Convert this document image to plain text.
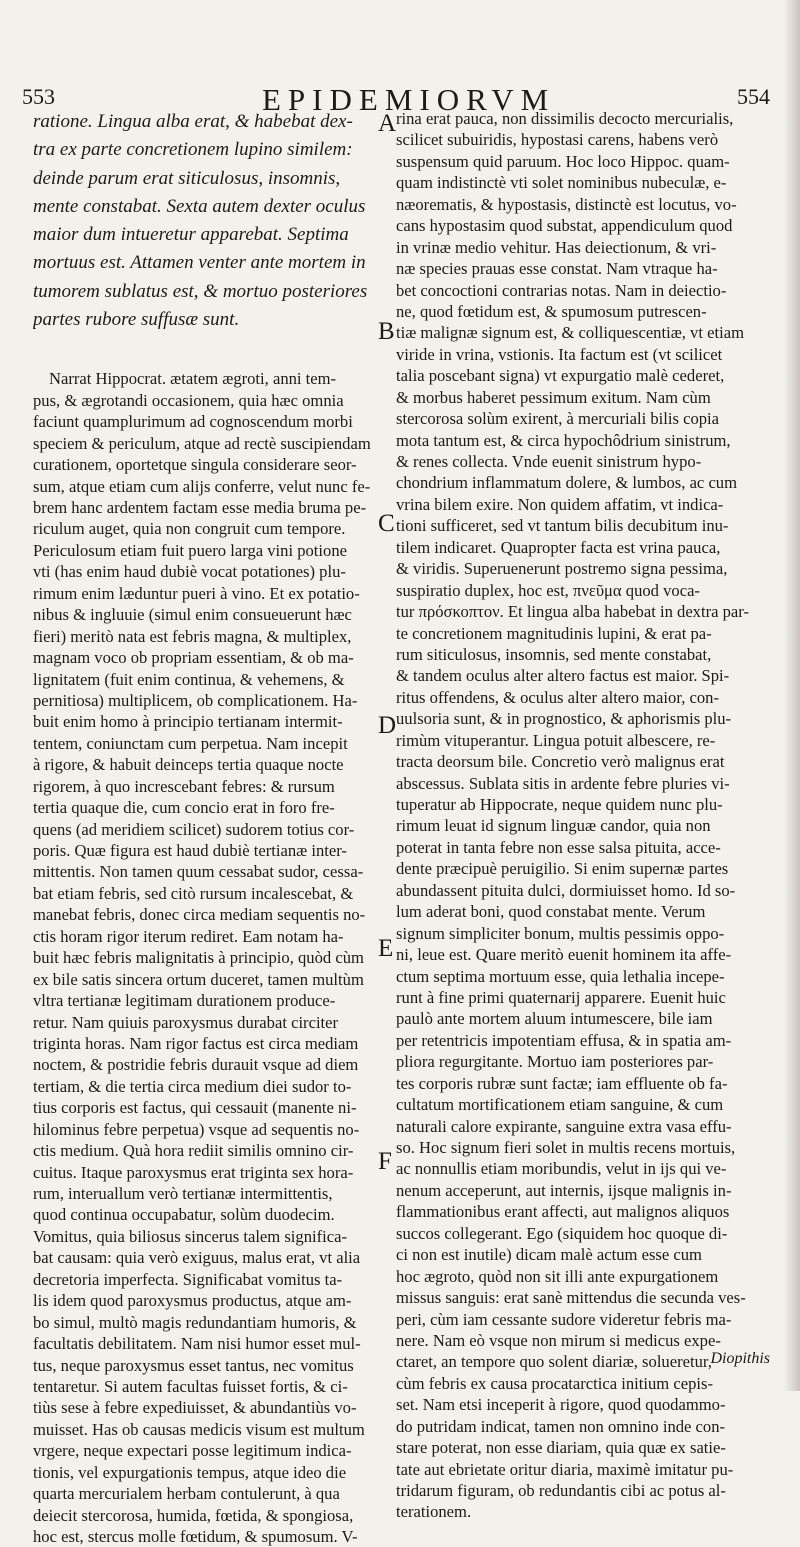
553	EPIDEMIORVM	554
ratione. Lingua alba erat, & habebat dex-
tra ex parte concretionem lupino similem:
deinde parum erat siticulosus, insomnis,
mente constabat. Sexta autem dexter oculus
maior dum intueretur apparebat. Septima
mortuus est. Attamen venter ante mortem in
tumorem sublatus est, & mortuo posteriores
partes rubore suffusæ sunt.
Narrat Hippocrat. ætatem ægroti, anni tem-
pus, & ægrotandi occasionem, quia hæc omnia
faciunt quamplurimum ad cognoscendum morbi
speciem & periculum, atque ad rectè suscipiendam
curationem, oportetque singula considerare seor-
sum, atque etiam cum alijs conferre, velut nunc fe-
brem hanc ardentem factam esse media bruma pe-
riculum auget, quia non congruit cum tempore.
Periculosum etiam fuit puero larga vini potione
vti (has enim haud dubiè vocat potationes) plu-
rimum enim læduntur pueri à vino. Et ex potatio-
nibus & ingluuie (simul enim consueuerunt hæc
fieri) meritò nata est febris magna, & multiplex,
magnam voco ob propriam essentiam, & ob ma-
lignitatem (fuit enim continua, & vehemens, &
pernitiosa) multiplicem, ob complicationem. Ha-
buit enim homo à principio tertianam intermit-
tentem, coniunctam cum perpetua. Nam incepit
à rigore, & habuit deinceps tertia quaque nocte
rigorem, à quo increscebant febres: & rursum
tertia quaque die, cum concio erat in foro fre-
quens (ad meridiem scilicet) sudorem totius cor-
poris. Quæ figura est haud dubiè tertianæ inter-
mittentis. Non tamen quum cessabat sudor, cessa-
bat etiam febris, sed citò rursum incalescebat, &
manebat febris, donec circa mediam sequentis no-
ctis horam rigor iterum rediret. Eam notam ha-
buit hæc febris malignitatis à principio, quòd cùm
ex bile satis sincera ortum duceret, tamen multùm
vltra tertianæ legitimam durationem produce-
retur. Nam quiuis paroxysmus durabat circiter
triginta horas. Nam rigor factus est circa mediam
noctem, & postridie febris durauit vsque ad diem
tertiam, & die tertia circa medium diei sudor to-
tius corporis est factus, qui cessauit (manente ni-
hilominus febre perpetua) vsque ad sequentis no-
ctis medium. Quà hora rediit similis omnino cir-
cuitus. Itaque paroxysmus erat triginta sex hora-
rum, interuallum verò tertianæ intermittentis,
quod continua occupabatur, solùm duodecim.
Vomitus, quia biliosus sincerus talem significa-
bat causam: quia verò exiguus, malus erat, vt alia
decretoria imperfecta. Significabat vomitus ta-
lis idem quod paroxysmus productus, atque am-
bo simul, multò magis redundantiam humoris, &
facultatis debilitatem. Nam nisi humor esset mul-
tus, neque paroxysmus esset tantus, nec vomitus
tentaretur. Si autem facultas fuisset fortis, & ci-
tiùs sese à febre expediuisset, & abundantiùs vo-
muisset. Has ob causas medicis visum est multum
vrgere, neque expectari posse legitimum indica-
tionis, vel expurgationis tempus, atque ideo die
quarta mercurialem herbam contulerunt, à qua
deiecit stercorosa, humida, fœtida, & spongiosa,
hoc est, stercus molle fœtidum, & spumosum. V-
rina erat pauca, non dissimilis decocto mercurialis,
scilicet subuiridis, hypostasi carens, habens verò
suspensum quid paruum. Hoc loco Hippoc. quam-
quam indistinctè vti solet nominibus nubeculæ, e-
næorematis, & hypostasis, distinctè est locutus, vo-
cans hypostasim quod substat, appendiculum quod
in vrinæ medio vehitur. Has deiectionum, & vri-
næ species prauas esse constat. Nam vtraque ha-
bet concoctioni contrarias notas. Nam in deiectio-
ne, quod fœtidum est, & spumosum putrescen-
tiæ malignæ signum est, & colliquescentiæ, vt etiam
viride in vrina, vstionis. Ita factum est (vt scilicet
talia poscebant signa) vt expurgatio malè cederet,
& morbus haberet pessimum exitum. Nam cùm
stercorosa solùm exirent, à mercuriali bilis copia
mota tantum est, & circa hypochôdrium sinistrum,
& renes collecta. Vnde euenit sinistrum hypo-
chondrium inflammatum dolere, & lumbos, ac cum
vrina bilem exire. Non quidem affatim, vt indica-
tioni sufficeret, sed vt tantum bilis decubitum inu-
tilem indicaret. Quapropter facta est vrina pauca,
& viridis. Superuenerunt postremo signa pessima,
suspiratio duplex, hoc est, πνεῦμα quod voca-
tur πρόσκοπτον. Et lingua alba habebat in dextra par-
te concretionem magnitudinis lupini, & erat pa-
rum siticulosus, insomnis, sed mente constabat,
& tandem oculus alter altero factus est maior. Spi-
ritus offendens, & oculus alter altero maior, con-
uulsoria sunt, & in prognostico, & aphorismis plu-
rimùm vituperantur. Lingua potuit albescere, re-
tracta deorsum bile. Concretio verò malignus erat
abscessus. Sublata sitis in ardente febre pluries vi-
tuperatur ab Hippocrate, neque quidem nunc plu-
rimum leuat id signum linguæ candor, quia non
poterat in tanta febre non esse salsa pituita, acce-
dente præcipuè peruigilio. Si enim supernæ partes
abundassent pituita dulci, dormiuisset homo. Id so-
lum aderat boni, quod constabat mente. Verum
signum simpliciter bonum, multis pessimis oppo-
ni, leue est. Quare meritò euenit hominem ita affe-
ctum septima mortuum esse, quia lethalia incepe-
runt à fine primi quaternarij apparere. Euenit huic
paulò ante mortem aluum intumescere, bile iam
per retentricis impotentiam effusa, & in spatia am-
pliora regurgitante. Mortuo iam posteriores par-
tes corporis rubræ sunt factæ; iam effluente ob fa-
cultatum mortificationem etiam sanguine, & cum
naturali calore expirante, sanguine extra vasa effu-
so. Hoc signum fieri solet in multis recens mortuis,
ac nonnullis etiam moribundis, velut in ijs qui ve-
nenum acceperunt, aut internis, ijsque malignis in-
flammationibus erant affecti, aut malignos aliquos
succos collegerant. Ego (siquidem hoc quoque di-
ci non est inutile) dicam malè actum esse cum
hoc ægroto, quòd non sit illi ante expurgationem
missus sanguis: erat sanè mittendus die secunda ves-
peri, cùm iam cessante sudore videretur febris ma-
nere. Nam eò vsque non mirum si medicus expe-
ctaret, an tempore quo solent diariæ, solueretur,
cùm febris ex causa procatarctica initium cepis-
set. Nam etsi inceperit à rigore, quod quodammo-
do putridam indicat, tamen non omnino inde con-
stare poterat, non esse diariam, quia quæ ex satie-
tate aut ebrietate oritur diaria, maximè imitatur pu-
tridarum figuram, ob redundantis cibi ac potus al-
terationem.
A
B
C
D
E
F
Diopithis
